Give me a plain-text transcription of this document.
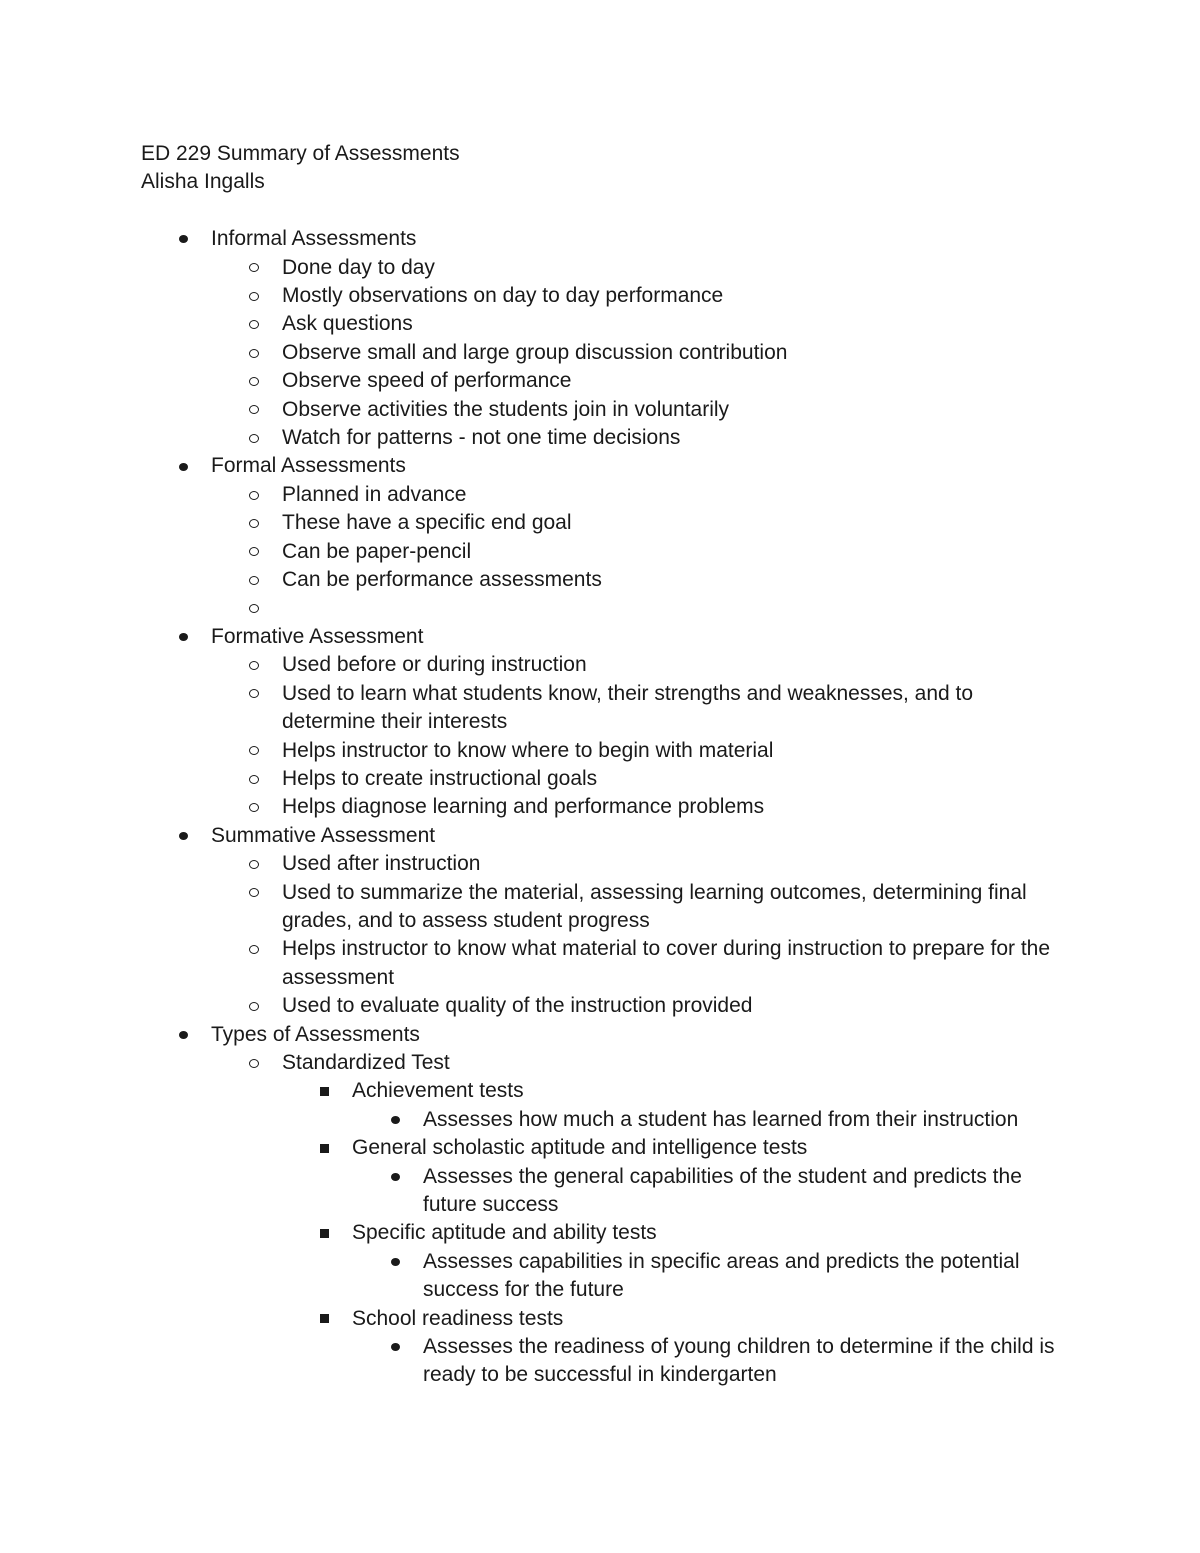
ED 229 Summary of Assessments
Alisha Ingalls

Informal Assessments
Done day to day
Mostly observations on day to day performance
Ask questions
Observe small and large group discussion contribution
Observe speed of performance
Observe activities the students join in voluntarily
Watch for patterns - not one time decisions
Formal Assessments
Planned in advance
These have a specific end goal
Can be paper-pencil
Can be performance assessments

Formative Assessment
Used before or during instruction
Used to learn what students know, their strengths and weaknesses, and to determine their interests
Helps instructor to know where to begin with material
Helps to create instructional goals
Helps diagnose learning and performance problems
Summative Assessment
Used after instruction
Used to summarize the material, assessing learning outcomes, determining final grades, and to assess student progress
Helps instructor to know what material to cover during instruction to prepare for the assessment
Used to evaluate quality of the instruction provided
Types of Assessments
Standardized Test
Achievement tests
Assesses how much a student has learned from their instruction
General scholastic aptitude and intelligence tests
Assesses the general capabilities of the student and predicts the future success
Specific aptitude and ability tests
Assesses capabilities in specific areas and predicts the potential success for the future
School readiness tests
Assesses the readiness of young children to determine if the child is ready to be successful in kindergarten
